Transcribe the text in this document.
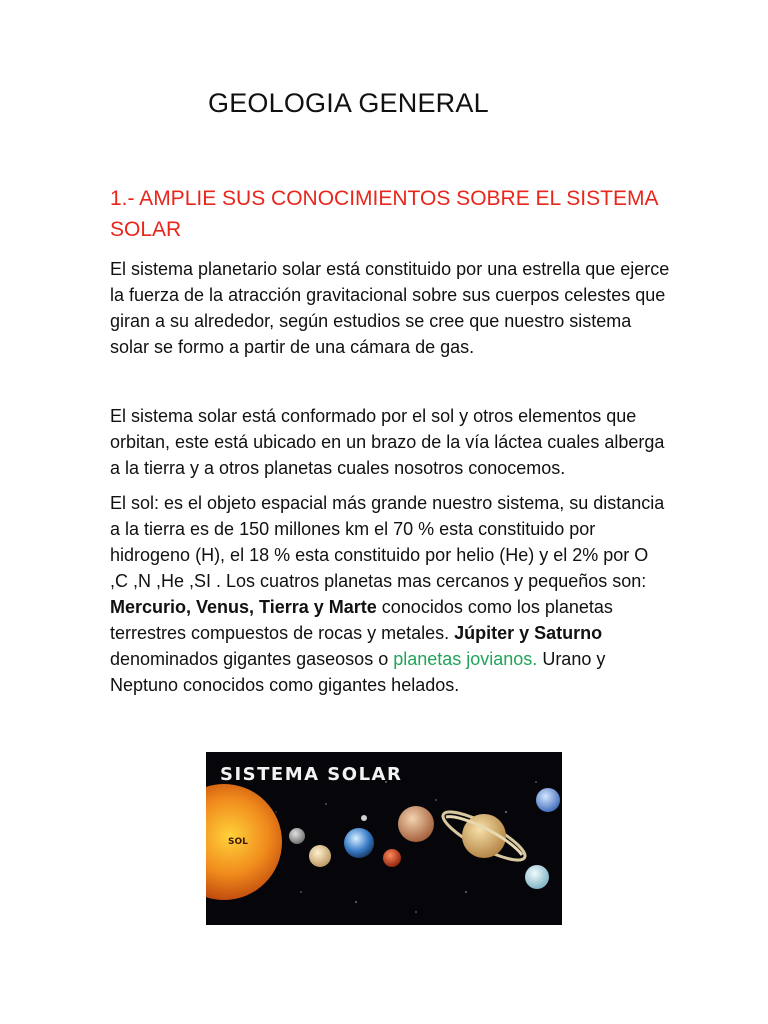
GEOLOGIA GENERAL
1.- AMPLIE SUS CONOCIMIENTOS SOBRE EL SISTEMA SOLAR

El sistema planetario solar está constituido por una estrella que ejerce la fuerza de la atracción gravitacional sobre sus cuerpos celestes que giran a su alrededor, según estudios se cree que nuestro sistema solar se formo a partir de una cámara de gas.

El sistema solar está conformado por el sol y otros elementos que orbitan, este está ubicado en un brazo de la vía láctea cuales alberga a la tierra y a otros planetas cuales nosotros conocemos.

El sol: es el objeto espacial más grande nuestro sistema, su distancia a la tierra es de 150 millones km el 70 % esta constituido por hidrogeno (H), el 18 % esta constituido por helio (He) y el 2% por O ,C ,N ,He ,SI . Los cuatros planetas mas cercanos y pequeños son: Mercurio, Venus, Tierra y Marte conocidos como los planetas terrestres compuestos de rocas y metales. Júpiter y Saturno denominados gigantes gaseosos o planetas jovianos. Urano y Neptuno conocidos como gigantes helados.

SISTEMA SOLAR
SOL
